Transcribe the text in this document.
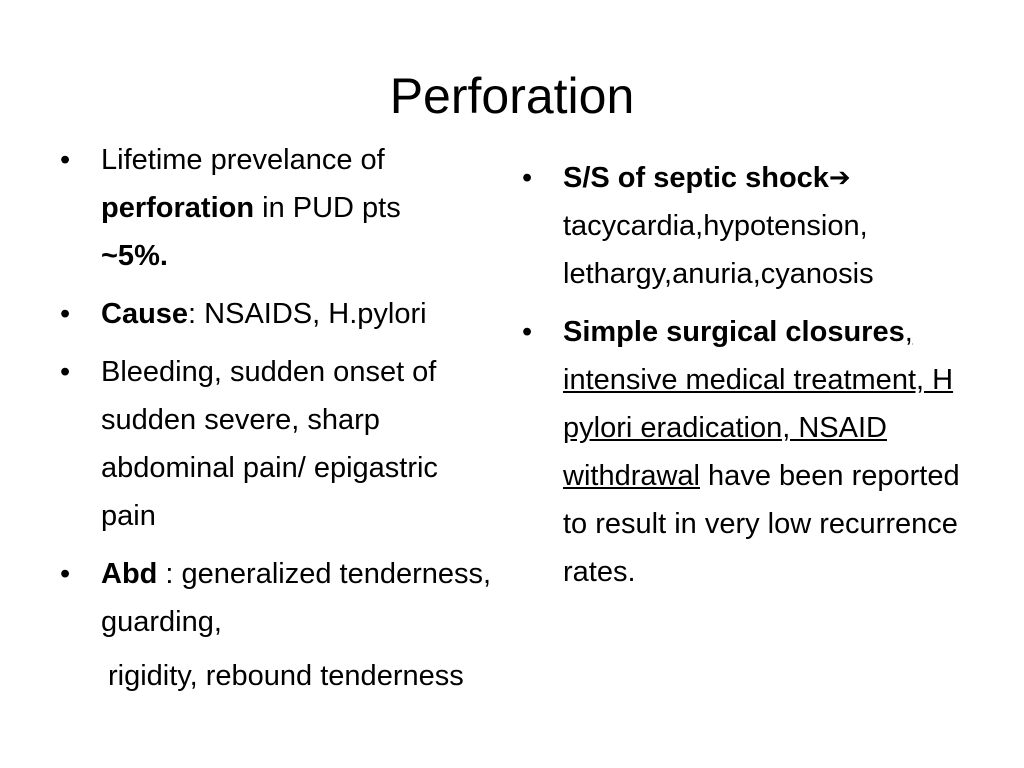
Perforation
• Lifetime prevelance of
perforation in PUD pts
~5%.
• Cause: NSAIDS, H.pylori
• Bleeding, sudden onset of sudden severe, sharp abdominal pain/ epigastric pain
• Abd : generalized tenderness, guarding,
rigidity, rebound tenderness
• S/S of septic shock➔
tacycardia,hypotension,
lethargy,anuria,cyanosis
• Simple surgical closures, intensive medical treatment, H pylori eradication, NSAID withdrawal have been reported to result in very low recurrence rates.
